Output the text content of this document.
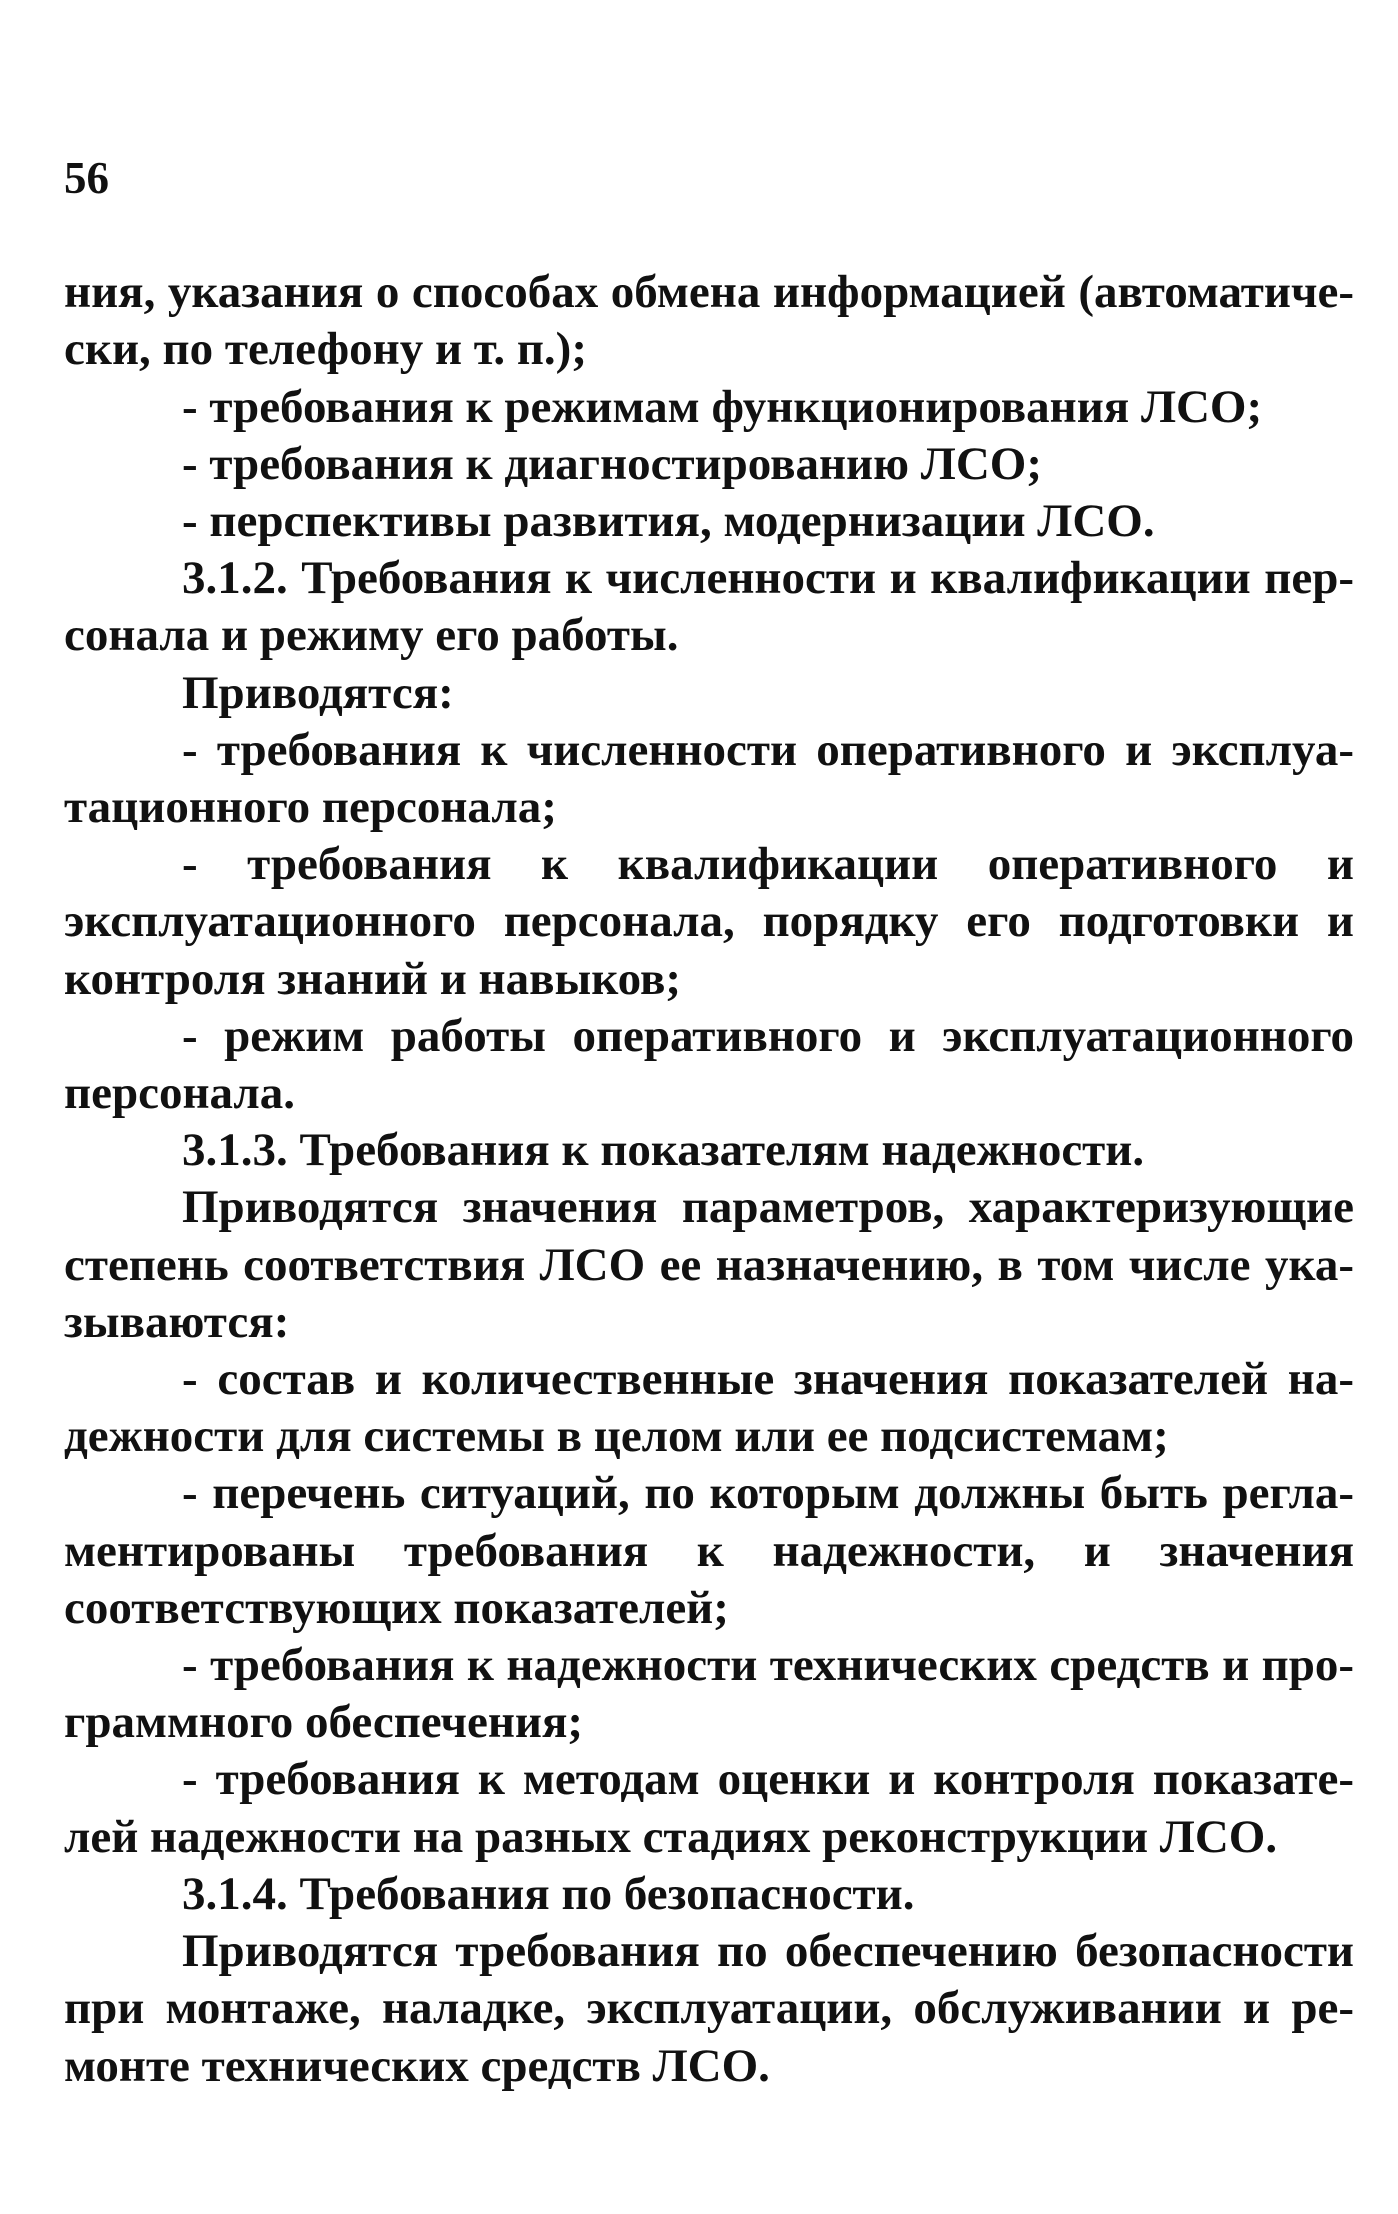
56

ния, указания о способах обмена информацией (автоматически, по телефону и т. п.);

- требования к режимам функционирования ЛСО;

- требования к диагностированию ЛСО;

- перспективы развития, модернизации ЛСО.

3.1.2. Требования к численности и квалификации персонала и режиму его работы.

Приводятся:

- требования к численности оперативного и эксплуатационного персонала;

- требования к квалификации оперативного и эксплуатационного персонала, порядку его подготовки и контроля знаний и навыков;

- режим работы оперативного и эксплуатационного персонала.

3.1.3. Требования к показателям надежности.

Приводятся значения параметров, характеризующие степень соответствия ЛСО ее назначению, в том числе указываются:

- состав и количественные значения показателей надежности для системы в целом или ее подсистемам;

- перечень ситуаций, по которым должны быть регламентированы требования к надежности, и значения соответствующих показателей;

- требования к надежности технических средств и программного обеспечения;

- требования к методам оценки и контроля показателей надежности на разных стадиях реконструкции ЛСО.

3.1.4. Требования по безопасности.

Приводятся требования по обеспечению безопасности при монтаже, наладке, эксплуатации, обслуживании и ремонте технических средств ЛСО.
